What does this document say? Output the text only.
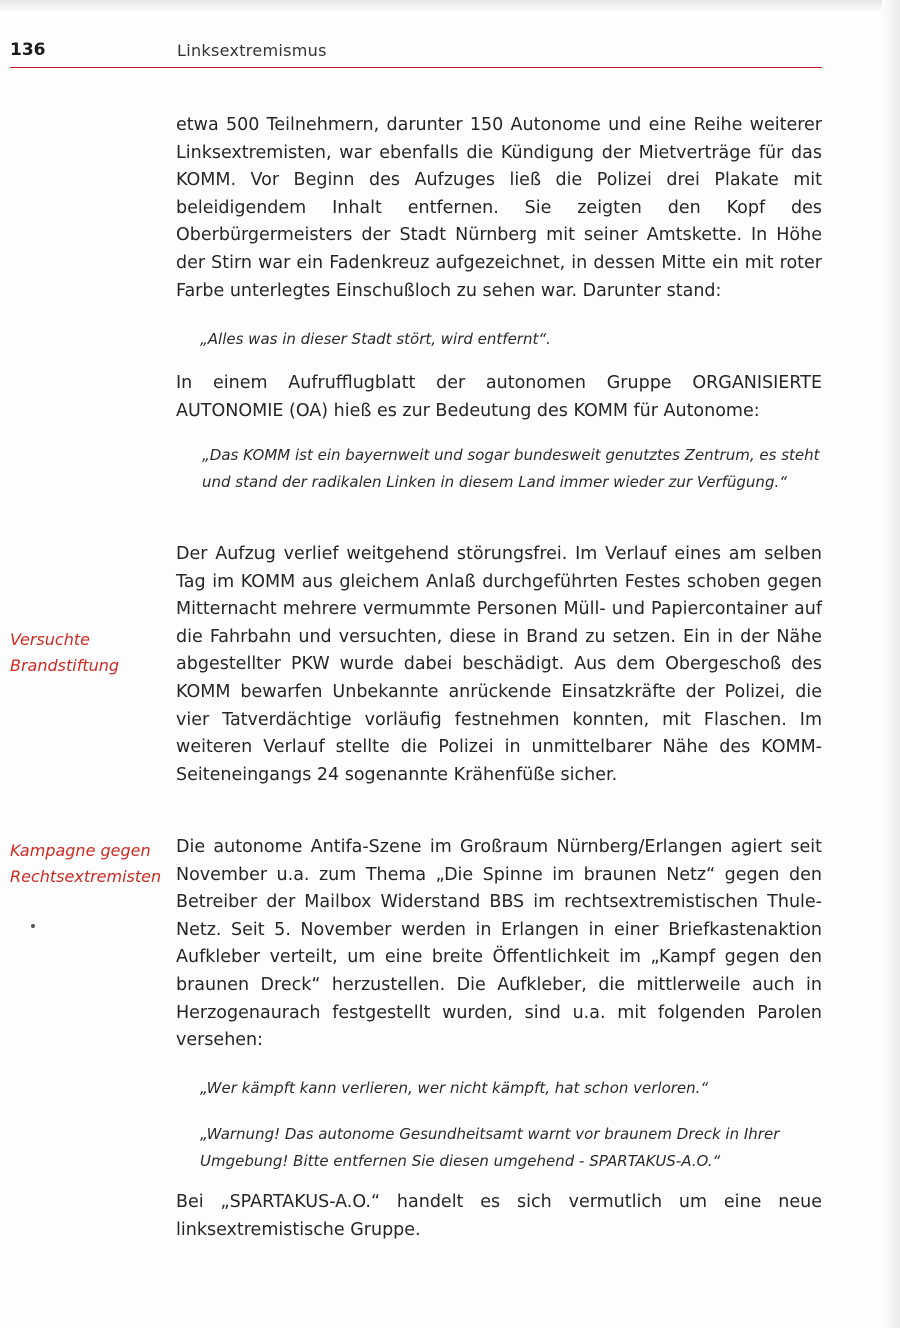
136	Linksextremismus
Versuchte Brandstiftung
Kampagne gegen Rechtsextremisten

etwa 500 Teilnehmern, darunter 150 Autonome und eine Reihe weiterer Linksextremisten, war ebenfalls die Kündigung der Mietverträge für das KOMM. Vor Beginn des Aufzuges ließ die Polizei drei Plakate mit beleidigendem Inhalt entfernen. Sie zeigten den Kopf des Oberbürgermeisters der Stadt Nürnberg mit seiner Amtskette. In Höhe der Stirn war ein Fadenkreuz aufgezeichnet, in dessen Mitte ein mit roter Farbe unterlegtes Einschußloch zu sehen war. Darunter stand:

„Alles was in dieser Stadt stört, wird entfernt“.

In einem Aufrufflugblatt der autonomen Gruppe ORGANISIERTE AUTONOMIE (OA) hieß es zur Bedeutung des KOMM für Autonome:

„Das KOMM ist ein bayernweit und sogar bundesweit genutztes Zentrum, es steht und stand der radikalen Linken in diesem Land immer wieder zur Verfügung.“

Der Aufzug verlief weitgehend störungsfrei. Im Verlauf eines am selben Tag im KOMM aus gleichem Anlaß durchgeführten Festes schoben gegen Mitternacht mehrere vermummte Personen Müll- und Papiercontainer auf die Fahrbahn und versuchten, diese in Brand zu setzen. Ein in der Nähe abgestellter PKW wurde dabei beschädigt. Aus dem Obergeschoß des KOMM bewarfen Unbekannte anrückende Einsatzkräfte der Polizei, die vier Tatverdächtige vorläufig festnehmen konnten, mit Flaschen. Im weiteren Verlauf stellte die Polizei in unmittelbarer Nähe des KOMM-Seiteneingangs 24 sogenannte Krähenfüße sicher.

Die autonome Antifa-Szene im Großraum Nürnberg/Erlangen agiert seit November u.a. zum Thema „Die Spinne im braunen Netz“ gegen den Betreiber der Mailbox Widerstand BBS im rechtsextremistischen Thule-Netz. Seit 5. November werden in Erlangen in einer Briefkastenaktion Aufkleber verteilt, um eine breite Öffentlichkeit im „Kampf gegen den braunen Dreck“ herzustellen. Die Aufkleber, die mittlerweile auch in Herzogenaurach festgestellt wurden, sind u.a. mit folgenden Parolen versehen:

„Wer kämpft kann verlieren, wer nicht kämpft, hat schon verloren.“

„Warnung! Das autonome Gesundheitsamt warnt vor braunem Dreck in Ihrer Umgebung! Bitte entfernen Sie diesen umgehend - SPARTAKUS-A.O.“

Bei „SPARTAKUS-A.O.“ handelt es sich vermutlich um eine neue linksextremistische Gruppe.
